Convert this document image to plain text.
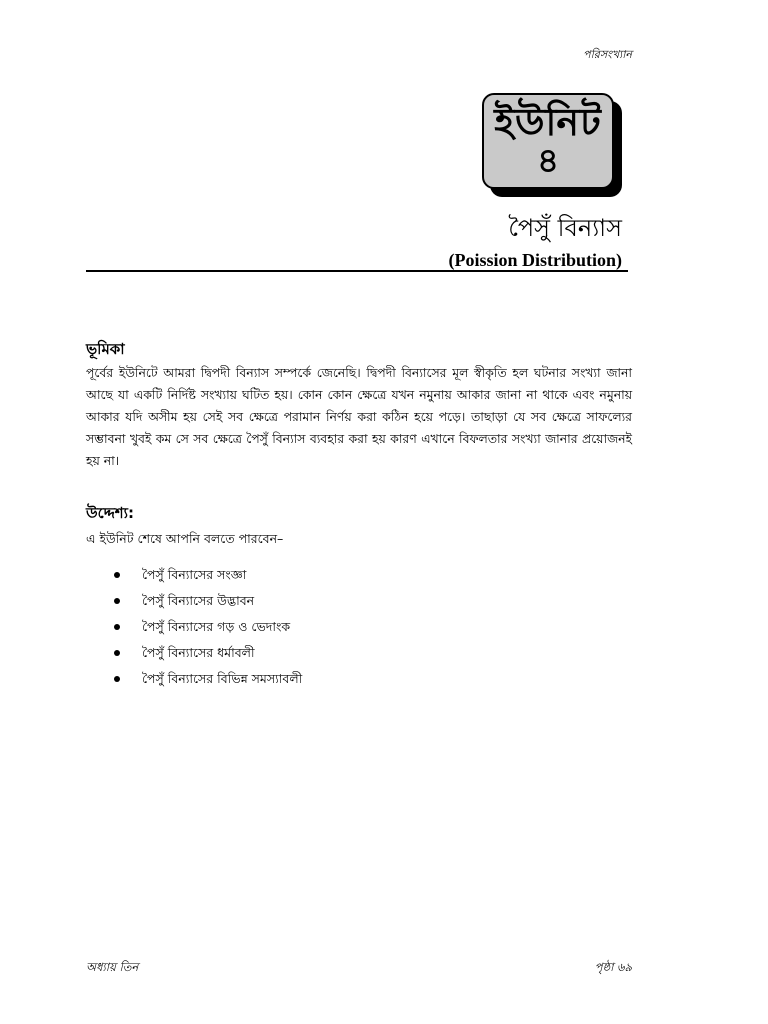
পরিসংখ্যান
ইউনিট
৪
পৈসুঁ বিন্যাস
(Poission Distribution)
ভূমিকা
পূর্বের ইউনিটে আমরা দ্বিপদী বিন্যাস সম্পর্কে জেনেছি। দ্বিপদী বিন্যাসের মূল স্বীকৃতি হল ঘটনার সংখ্যা জানা আছে যা একটি নির্দিষ্ট সংখ্যায় ঘটিত হয়। কোন কোন ক্ষেত্রে যখন নমুনায় আকার জানা না থাকে এবং নমুনায় আকার যদি অসীম হয় সেই সব ক্ষেত্রে পরামান নির্ণয় করা কঠিন হয়ে পড়ে। তাছাড়া যে সব ক্ষেত্রে সাফল্যের সম্ভাবনা খুবই কম সে সব ক্ষেত্রে পৈসুঁ বিন্যাস ব্যবহার করা হয় কারণ এখানে বিফলতার সংখ্যা জানার প্রয়োজনই হয় না।
উদ্দেশ্য:
এ ইউনিট শেষে আপনি বলতে পারবেন–
পৈসুঁ বিন্যাসের সংজ্ঞা
পৈসুঁ বিন্যাসের উদ্ভাবন
পৈসুঁ বিন্যাসের গড় ও ভেদাংক
পৈসুঁ বিন্যাসের ধর্মাবলী
পৈসুঁ বিন্যাসের বিভিন্ন সমস্যাবলী
অধ্যায় তিন	পৃষ্ঠা ৬৯
